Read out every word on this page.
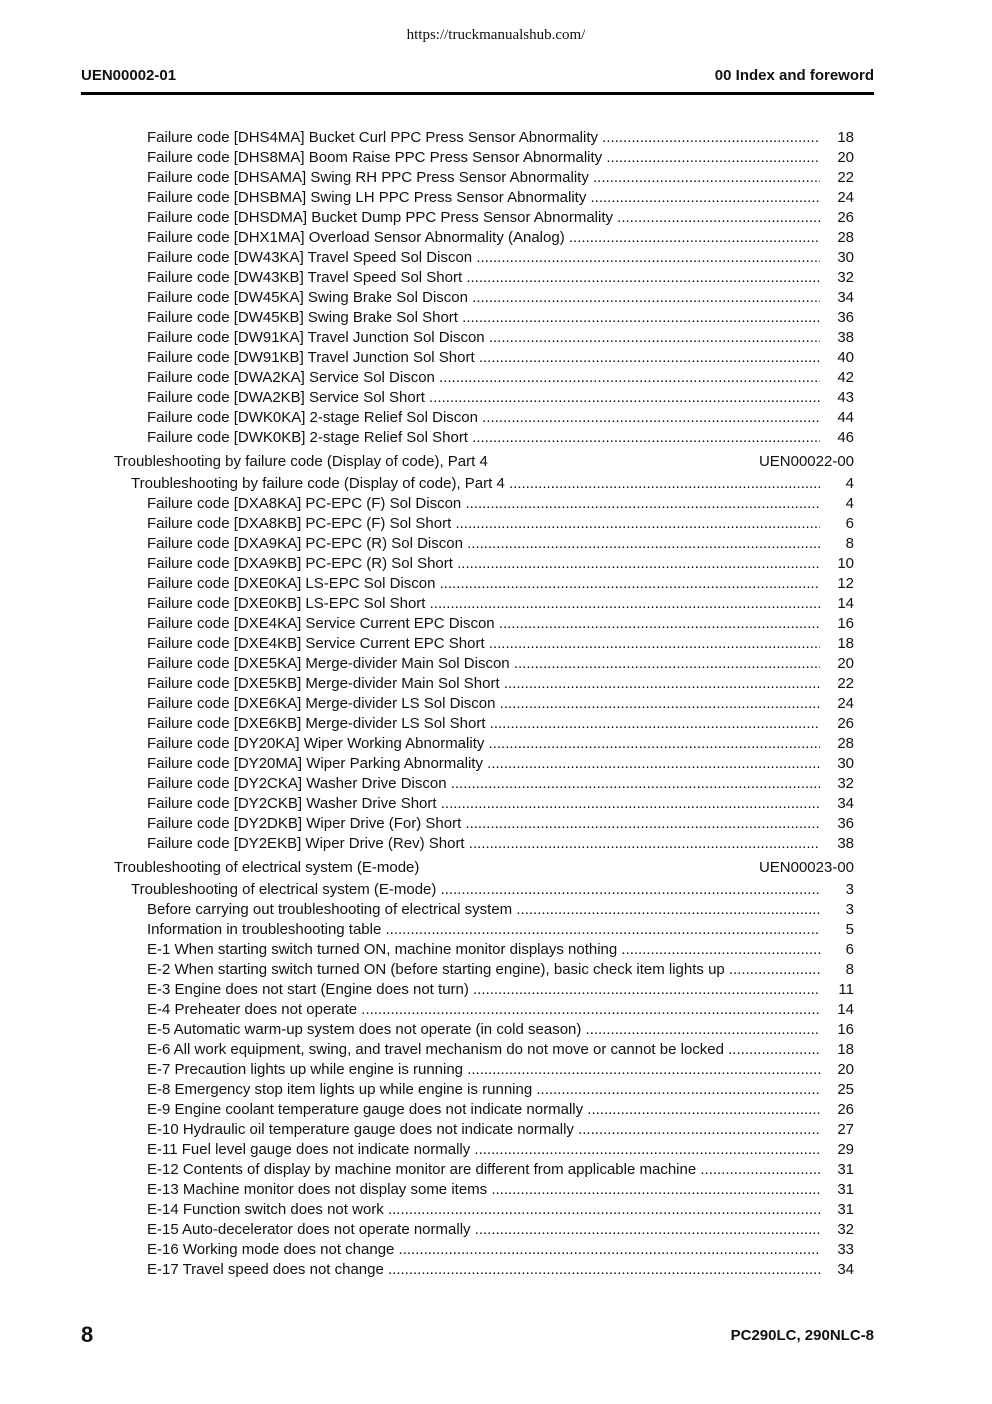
https://truckmanualshub.com/
UEN00002-01	00 Index and foreword
Failure code [DHS4MA] Bucket Curl PPC Press Sensor Abnormality .....	18
Failure code [DHS8MA] Boom Raise PPC Press Sensor Abnormality .....	20
Failure code [DHSAMA] Swing RH PPC Press Sensor Abnormality .....	22
Failure code [DHSBMA] Swing LH PPC Press Sensor Abnormality .....	24
Failure code [DHSDMA] Bucket Dump PPC Press Sensor Abnormality .....	26
Failure code [DHX1MA] Overload Sensor Abnormality (Analog) .....	28
Failure code [DW43KA] Travel Speed Sol Discon .....	30
Failure code [DW43KB] Travel Speed Sol Short .....	32
Failure code [DW45KA] Swing Brake Sol Discon .....	34
Failure code [DW45KB] Swing Brake Sol Short .....	36
Failure code [DW91KA] Travel Junction Sol Discon .....	38
Failure code [DW91KB] Travel Junction Sol Short .....	40
Failure code [DWA2KA] Service Sol Discon .....	42
Failure code [DWA2KB] Service Sol Short .....	43
Failure code [DWK0KA] 2-stage Relief Sol Discon .....	44
Failure code [DWK0KB] 2-stage Relief Sol Short .....	46
Troubleshooting by failure code (Display of code), Part 4	UEN00022-00
Troubleshooting by failure code (Display of code), Part 4 .....	4
Failure code [DXA8KA] PC-EPC (F) Sol Discon .....	4
Failure code [DXA8KB] PC-EPC (F) Sol Short .....	6
Failure code [DXA9KA] PC-EPC (R) Sol Discon .....	8
Failure code [DXA9KB] PC-EPC (R) Sol Short .....	10
Failure code [DXE0KA] LS-EPC Sol Discon .....	12
Failure code [DXE0KB] LS-EPC Sol Short .....	14
Failure code [DXE4KA] Service Current EPC Discon .....	16
Failure code [DXE4KB] Service Current EPC Short .....	18
Failure code [DXE5KA] Merge-divider Main Sol Discon .....	20
Failure code [DXE5KB] Merge-divider Main Sol Short .....	22
Failure code [DXE6KA] Merge-divider LS Sol Discon .....	24
Failure code [DXE6KB] Merge-divider LS Sol Short .....	26
Failure code [DY20KA] Wiper Working Abnormality .....	28
Failure code [DY20MA] Wiper Parking Abnormality .....	30
Failure code [DY2CKA] Washer Drive Discon .....	32
Failure code [DY2CKB] Washer Drive Short .....	34
Failure code [DY2DKB] Wiper Drive (For) Short .....	36
Failure code [DY2EKB] Wiper Drive (Rev) Short .....	38
Troubleshooting of electrical system (E-mode)	UEN00023-00
Troubleshooting of electrical system (E-mode) .....	3
Before carrying out troubleshooting of electrical system .....	3
Information in troubleshooting table .....	5
E-1 When starting switch turned ON, machine monitor displays nothing .....	6
E-2 When starting switch turned ON (before starting engine), basic check item lights up .....	8
E-3 Engine does not start (Engine does not turn) .....	11
E-4 Preheater does not operate .....	14
E-5 Automatic warm-up system does not operate (in cold season) .....	16
E-6 All work equipment, swing, and travel mechanism do not move or cannot be locked .....	18
E-7 Precaution lights up while engine is running .....	20
E-8 Emergency stop item lights up while engine is running .....	25
E-9 Engine coolant temperature gauge does not indicate normally .....	26
E-10 Hydraulic oil temperature gauge does not indicate normally .....	27
E-11 Fuel level gauge does not indicate normally .....	29
E-12 Contents of display by machine monitor are different from applicable machine .....	31
E-13 Machine monitor does not display some items .....	31
E-14 Function switch does not work .....	31
E-15 Auto-decelerator does not operate normally .....	32
E-16 Working mode does not change .....	33
E-17 Travel speed does not change .....	34
8	PC290LC, 290NLC-8
